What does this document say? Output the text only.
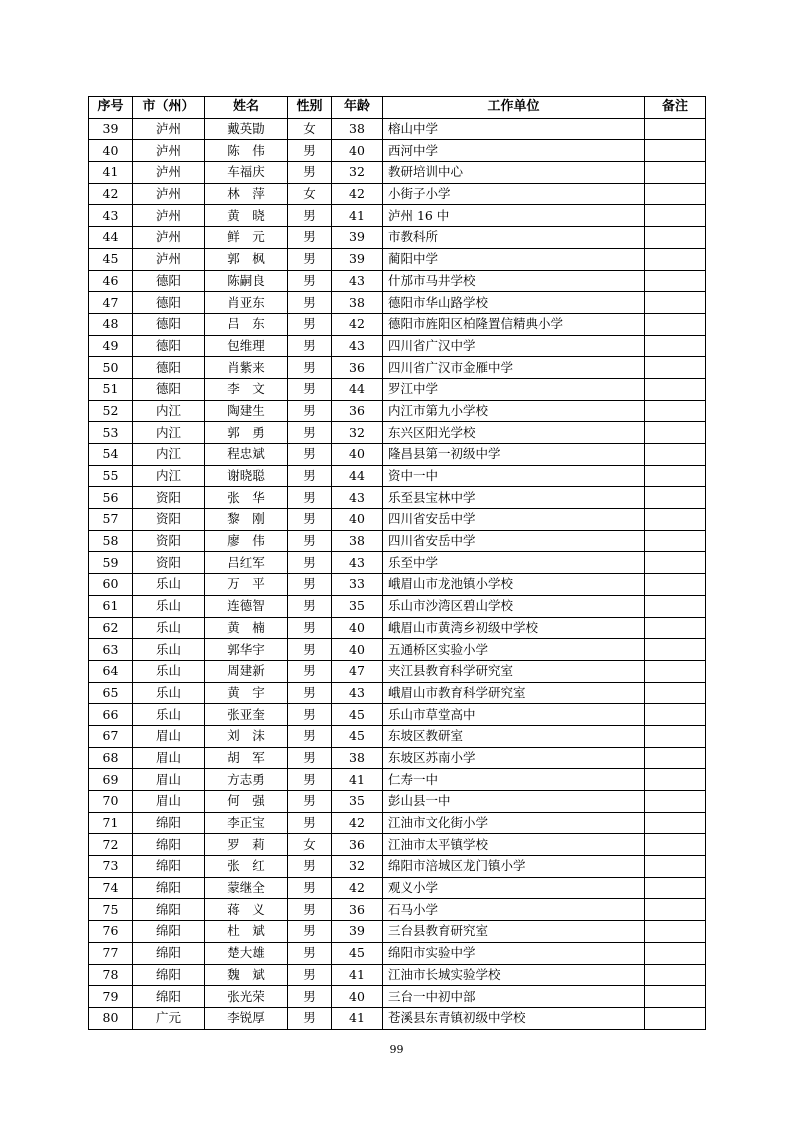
序号	市（州）	姓名	性别	年龄	工作单位	备注
39	泸州	戴英勖	女	38	榕山中学	
40	泸州	陈　伟	男	40	西河中学	
41	泸州	车福庆	男	32	教研培训中心	
42	泸州	林　萍	女	42	小街子小学	
43	泸州	黄　晓	男	41	泸州 16 中	
44	泸州	鲜　元	男	39	市教科所	
45	泸州	郭　枫	男	39	蔺阳中学	
46	德阳	陈嗣良	男	43	什邡市马井学校	
47	德阳	肖亚东	男	38	德阳市华山路学校	
48	德阳	吕　东	男	42	德阳市旌阳区柏隆置信精典小学	
49	德阳	包维理	男	43	四川省广汉中学	
50	德阳	肖紫来	男	36	四川省广汉市金雁中学	
51	德阳	李　文	男	44	罗江中学	
52	内江	陶建生	男	36	内江市第九小学校	
53	内江	郭　勇	男	32	东兴区阳光学校	
54	内江	程忠斌	男	40	隆昌县第一初级中学	
55	内江	谢晓聪	男	44	资中一中	
56	资阳	张　华	男	43	乐至县宝林中学	
57	资阳	黎　刚	男	40	四川省安岳中学	
58	资阳	廖　伟	男	38	四川省安岳中学	
59	资阳	吕红军	男	43	乐至中学	
60	乐山	万　平	男	33	峨眉山市龙池镇小学校	
61	乐山	连德智	男	35	乐山市沙湾区碧山学校	
62	乐山	黄　楠	男	40	峨眉山市黄湾乡初级中学校	
63	乐山	郭华宇	男	40	五通桥区实验小学	
64	乐山	周建新	男	47	夹江县教育科学研究室	
65	乐山	黄　宇	男	43	峨眉山市教育科学研究室	
66	乐山	张亚奎	男	45	乐山市草堂高中	
67	眉山	刘　沫	男	45	东坡区教研室	
68	眉山	胡　军	男	38	东坡区苏南小学	
69	眉山	方志勇	男	41	仁寿一中	
70	眉山	何　强	男	35	彭山县一中	
71	绵阳	李正宝	男	42	江油市文化街小学	
72	绵阳	罗　莉	女	36	江油市太平镇学校	
73	绵阳	张　红	男	32	绵阳市涪城区龙门镇小学	
74	绵阳	蒙继全	男	42	观义小学	
75	绵阳	蒋　义	男	36	石马小学	
76	绵阳	杜　斌	男	39	三台县教育研究室	
77	绵阳	楚大雄	男	45	绵阳市实验中学	
78	绵阳	魏　斌	男	41	江油市长城实验学校	
79	绵阳	张光荣	男	40	三台一中初中部	
80	广元	李锐厚	男	41	苍溪县东青镇初级中学校	
99
